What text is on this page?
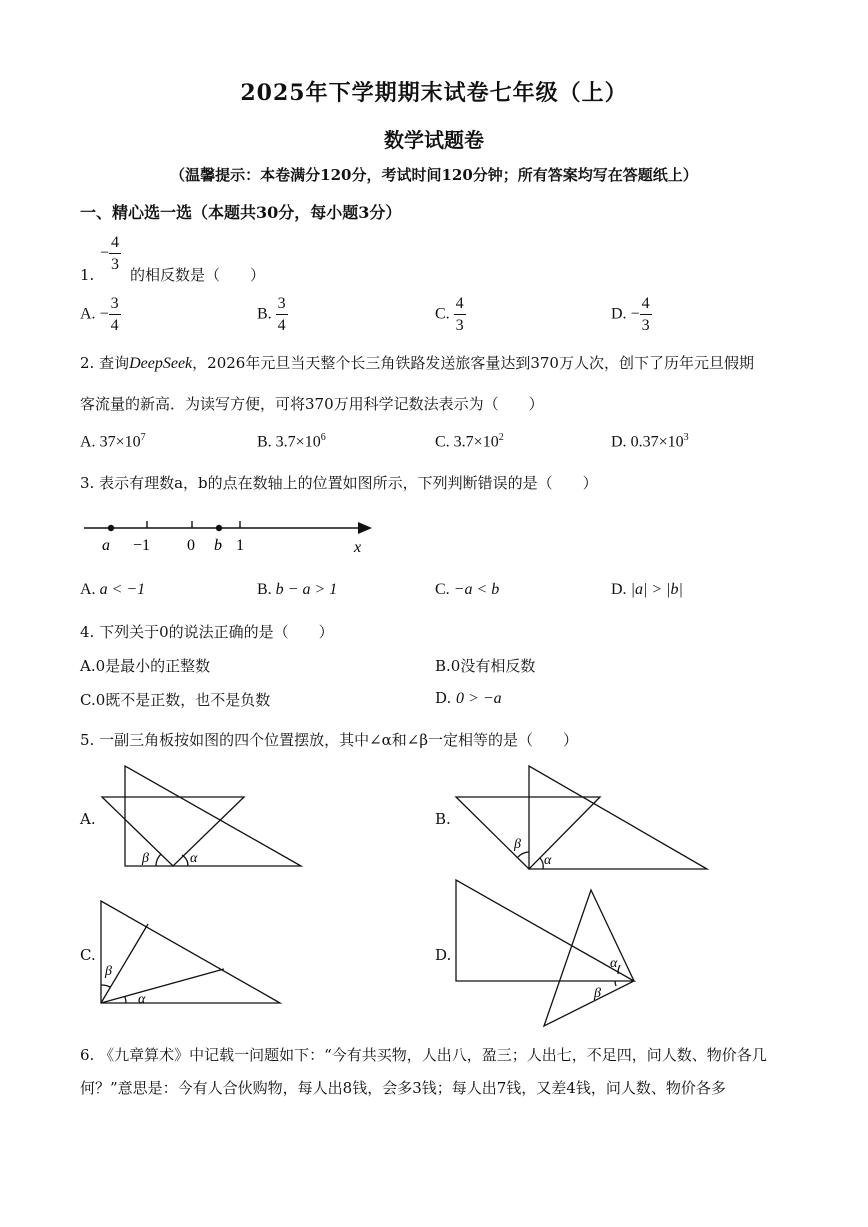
2025年下学期期末试卷七年级（上）
数学试题卷
（温馨提示：本卷满分120分，考试时间120分钟；所有答案均写在答题纸上）
一、精心选一选（本题共30分，每小题3分）
1.
− $\frac{4}{3}$
的相反数是（　　）
A. − $\frac{3}{4}$	B. $\frac{3}{4}$	C. $\frac{4}{3}$	D. − $\frac{4}{3}$
2. 查询DeepSeek，2026年元旦当天整个长三角铁路发送旅客量达到370万人次，创下了历年元旦假期
客流量的新高．为读写方便，可将370万用科学记数法表示为（　　）
A. $37\times 10^7$	B. $3.7\times 10^6$	C. $3.7\times 10^2$	D. $0.37\times 10^3$
3. 表示有理数a，b的点在数轴上的位置如图所示，下列判断错误的是（　　）
a −1 0 b 1	x
A. a < −1	B. b − a > 1	C. −a < b	D. |a| > |b|
4. 下列关于0的说法正确的是（　　）
A.0是最小的正整数	B.0没有相反数
C.0既不是正数，也不是负数	D. 0 > −a
5. 一副三角板按如图的四个位置摆放，其中∠α和∠β一定相等的是（　　）
A.
β	α
B.
β
α
C.
β
α
D.	α
β
6. 《九章算术》中记载一问题如下：“今有共买物，人出八，盈三；人出七，不足四，问人数、物价各几
何？”意思是：今有人合伙购物，每人出8钱，会多3钱；每人出7钱，又差4钱，问人数、物价各多
